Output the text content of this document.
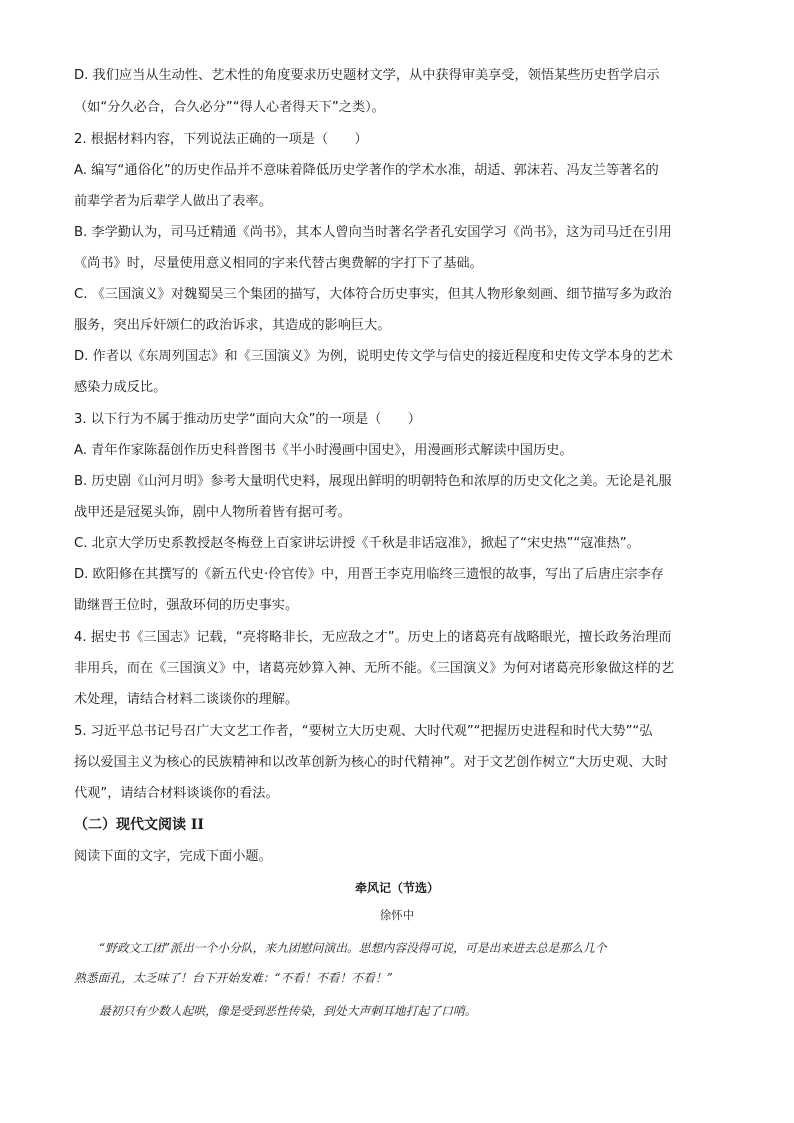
D. 我们应当从生动性、艺术性的角度要求历史题材文学，从中获得审美享受，领悟某些历史哲学启示
（如“分久必合，合久必分”“得人心者得天下”之类）。
2. 根据材料内容，下列说法正确的一项是（　　）
A. 编写“通俗化”的历史作品并不意味着降低历史学著作的学术水准，胡适、郭沫若、冯友兰等著名的
前辈学者为后辈学人做出了表率。
B. 李学勤认为，司马迁精通《尚书》，其本人曾向当时著名学者孔安国学习《尚书》，这为司马迁在引用
《尚书》时，尽量使用意义相同的字来代替古奥费解的字打下了基础。
C. 《三国演义》对魏蜀吴三个集团的描写，大体符合历史事实，但其人物形象刻画、细节描写多为政治
服务，突出斥奸颂仁的政治诉求，其造成的影响巨大。
D. 作者以《东周列国志》和《三国演义》为例，说明史传文学与信史的接近程度和史传文学本身的艺术
感染力成反比。
3. 以下行为不属于推动历史学“面向大众”的一项是（　　）
A. 青年作家陈磊创作历史科普图书《半小时漫画中国史》，用漫画形式解读中国历史。
B. 历史剧《山河月明》参考大量明代史料，展现出鲜明的明朝特色和浓厚的历史文化之美。无论是礼服
战甲还是冠冕头饰，剧中人物所着皆有据可考。
C. 北京大学历史系教授赵冬梅登上百家讲坛讲授《千秋是非话寇准》，掀起了“宋史热”“寇准热”。
D. 欧阳修在其撰写的《新五代史·伶官传》中，用晋王李克用临终三遗恨的故事，写出了后唐庄宗李存
勖继晋王位时，强敌环伺的历史事实。
4. 据史书《三国志》记载，“亮将略非长，无应敌之才”。历史上的诸葛亮有战略眼光，擅长政务治理而
非用兵，而在《三国演义》中，诸葛亮妙算入神、无所不能。《三国演义》为何对诸葛亮形象做这样的艺
术处理，请结合材料二谈谈你的理解。
5. 习近平总书记号召广大文艺工作者，“要树立大历史观、大时代观”“把握历史进程和时代大势”“弘
扬以爱国主义为核心的民族精神和以改革创新为核心的时代精神”。对于文艺创作树立“大历史观、大时
代观”，请结合材料谈谈你的看法。
（二）现代文阅读 II
阅读下面的文字，完成下面小题。
牵风记（节选）
徐怀中
“野政文工团”派出一个小分队，来九团慰问演出。思想内容没得可说，可是出来进去总是那么几个
熟悉面孔，太乏味了！台下开始发难：“不看！不看！不看！”
最初只有少数人起哄，像是受到恶性传染，到处大声剌耳地打起了口哨。
